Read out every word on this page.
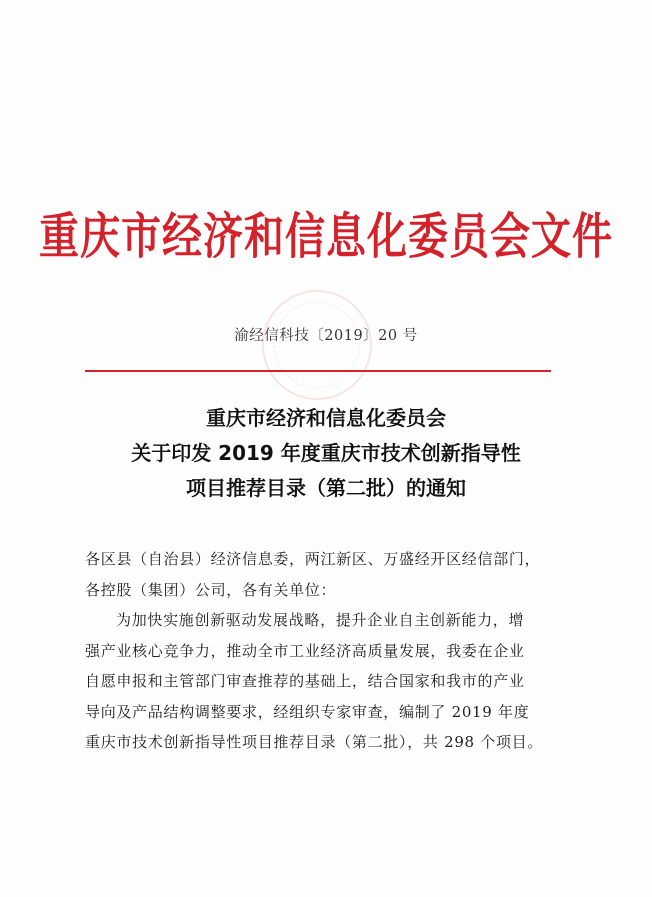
重庆市经济和信息化委员会文件
渝经信科技〔2019〕20 号
重庆市经济和信息化委员会
关于印发 2019 年度重庆市技术创新指导性
项目推荐目录（第二批）的通知

各区县（自治县）经济信息委，两江新区、万盛经开区经信部门，

各控股（集团）公司，各有关单位：

为加快实施创新驱动发展战略，提升企业自主创新能力，增

强产业核心竞争力，推动全市工业经济高质量发展，我委在企业

自愿申报和主管部门审查推荐的基础上，结合国家和我市的产业

导向及产品结构调整要求，经组织专家审查，编制了 2019 年度

重庆市技术创新指导性项目推荐目录（第二批），共 298 个项目。
